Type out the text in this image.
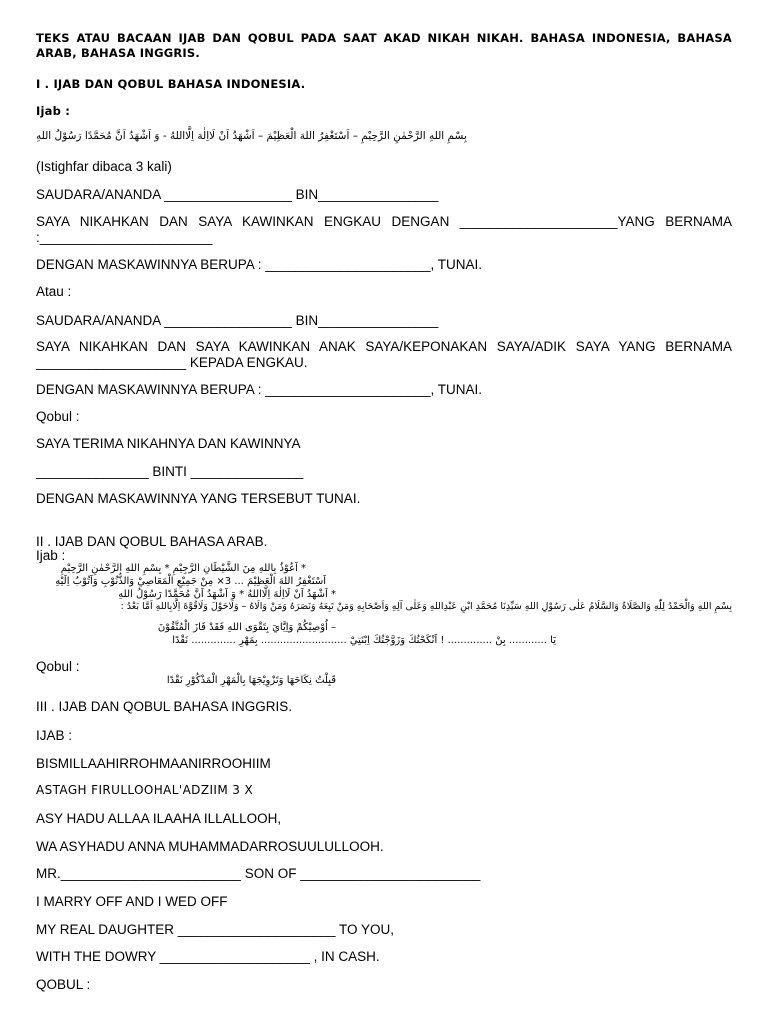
TEKS ATAU BACAAN IJAB DAN QOBUL PADA SAAT AKAD NIKAH NIKAH. BAHASA INDONESIA, BAHASA ARAB, BAHASA INGGRIS.
I . IJAB DAN QOBUL BAHASA INDONESIA.
Ijab :
بِسْمِ اللهِ الرَّحْمٰنِ الرَّحِيْمِ – اَسْتَغْفِرُ اللهَ الْعَظِيْمَ – اَشْهَدُ اَنْ لَااِلٰهَ اِلَّااللهُ - وَ اَشْهَدُ اَنَّ مُحَمَّدًا رَسُوْلُ اللهِ
(Istighfar dibaca 3 kali)
SAUDARA/ANANDA _________________ BIN________________
SAYA NIKAHKAN DAN SAYA KAWINKAN ENGKAU DENGAN _____________________YANG BERNAMA :_______________________
DENGAN MASKAWINNYA BERUPA : ______________________, TUNAI.
Atau :
SAUDARA/ANANDA _________________ BIN________________
SAYA NIKAHKAN DAN SAYA KAWINKAN ANAK SAYA/KEPONAKAN SAYA/ADIK SAYA YANG BERNAMA ____________________ KEPADA ENGKAU.
DENGAN MASKAWINNYA BERUPA : ______________________, TUNAI.
Qobul :
SAYA TERIMA NIKAHNYA DAN KAWINNYA
_______________ BINTI _______________
DENGAN MASKAWINNYA YANG TERSEBUT TUNAI.
II . IJAB DAN QOBUL BAHASA ARAB.
Ijab :
* اَعُوْذُ بِاللهِ مِنَ الشَّيْطَانِ الرَّجِيْمِ * بِسْمِ اللهِ الرَّحْمٰنِ الرَّحِيْمِ
اَسْتَغْفِرُ اللهَ الْعَظِيْمَ ... 3× مِنْ جَمِيْعِ الْمَعَاصِيْ وَالذُّنُوْبِ وَاَتُوْبُ اِلَيْهِ
* اَشْهَدُ اَنْ لَااِلٰهَ اِلَّااللهُ * وَ اَشْهَدُ اَنَّ مُحَمَّدًا رَسُوْلُ اللهِ
بِسْمِ اللهِ وَالْحَمْدُ لِلّٰهِ وَالصَّلَاةُ وَالسَّلَامُ عَلٰى رَسُوْلِ اللهِ سَيِّدِنَا مُحَمَّدِ ابْنِ عَبْدِاللهِ وَعَلٰى آلِهِ وَاَصْحَابِهِ وَمَنْ تَبِعَهُ وَنَصَرَهُ وَمَنْ وَالَاهُ – وَلَاحَوْلَ وَلَاقُوَّةَ اِلَّابِاللهِ اَمَّا بَعْدُ :
– اُوْصِيْكُمْ وَاِيَّايَ بِتَقْوَى اللهِ فَقَدْ فَازَ الْمُتَّقُوْنَ
يَا ............ بِنْ .............. ! اَنْكَحْتُكَ وَزَوَّجْتُكَ اِبْنَتِيْ ........................... بِمَهْرِ .............. نَقْدًا
Qobul :
قَبِلْتُ نِكَاحَهَا وَتَزْوِيْجَهَا بِالْمَهْرِ الْمَذْكُوْرِ نَقْدًا
III . IJAB DAN QOBUL BAHASA INGGRIS.
IJAB :
BISMILLAAHIRROHMAANIRROOHIIM
ASTAGH FIRULLOOHAL'ADZIIM 3 X
ASY HADU ALLAA ILAAHA ILLALLOOH,
WA ASYHADU ANNA MUHAMMADARROSUULULLOOH.
MR.________________________ SON OF ________________________
I MARRY OFF AND I WED OFF
MY REAL DAUGHTER _____________________ TO YOU,
WITH THE DOWRY ____________________ , IN CASH.
QOBUL :
